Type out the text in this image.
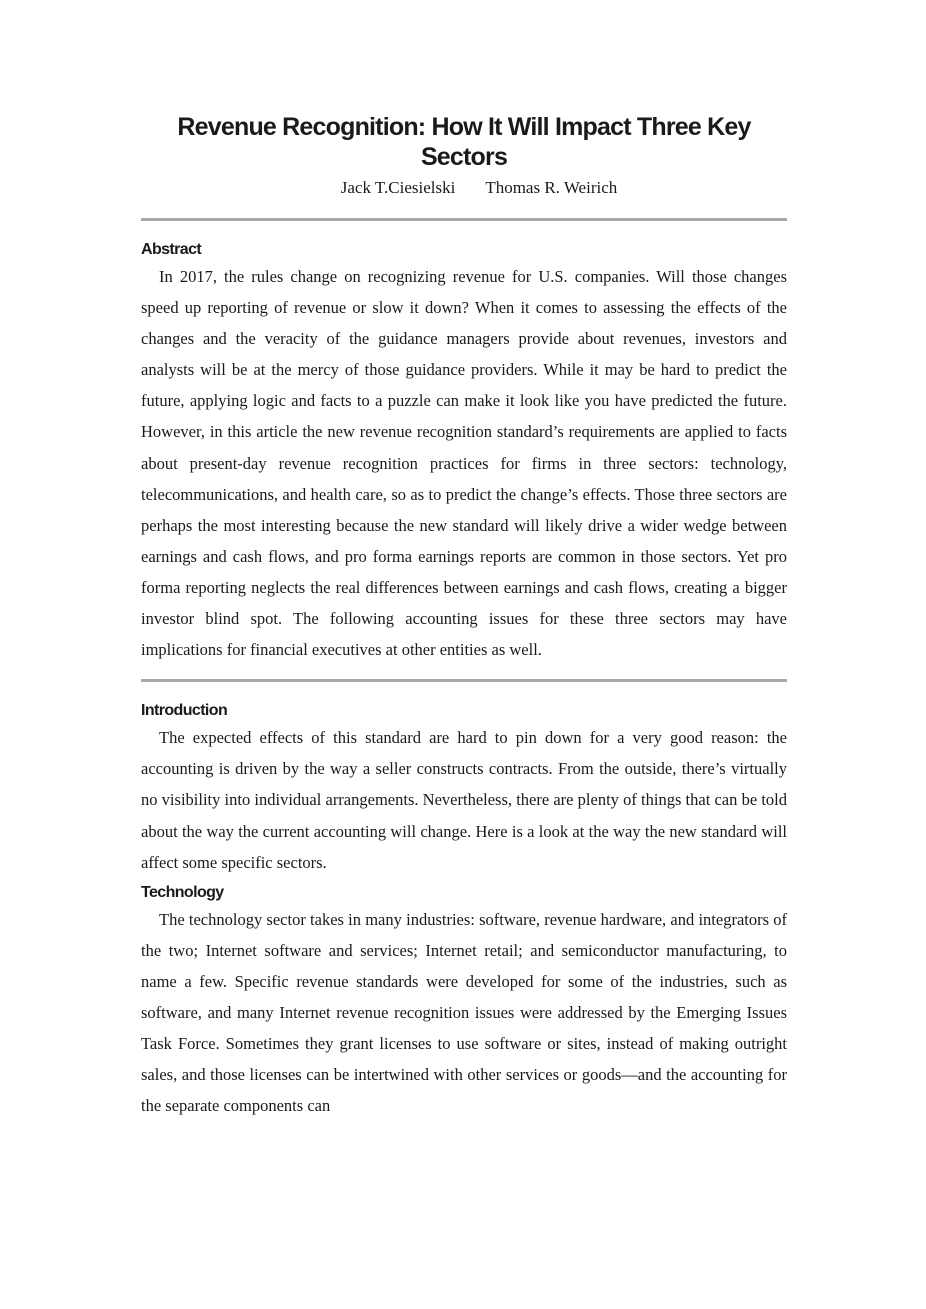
Revenue Recognition: How It Will Impact Three Key Sectors
Jack T.Ciesielski Thomas R. Weirich
Abstract

In 2017, the rules change on recognizing revenue for U.S. companies. Will those changes speed up reporting of revenue or slow it down? When it comes to assessing the effects of the changes and the veracity of the guidance managers provide about revenues, investors and analysts will be at the mercy of those guidance providers. While it may be hard to predict the future, applying logic and facts to a puzzle can make it look like you have predicted the future. However, in this article the new revenue recognition standard’s requirements are applied to facts about present-day revenue recognition practices for firms in three sectors: technology, telecommunications, and health care, so as to predict the change’s effects. Those three sectors are perhaps the most interesting because the new standard will likely drive a wider wedge between earnings and cash flows, and pro forma earnings reports are common in those sectors. Yet pro forma reporting neglects the real differences between earnings and cash flows, creating a bigger investor blind spot. The following accounting issues for these three sectors may have implications for financial executives at other entities as well.

Introduction

The expected effects of this standard are hard to pin down for a very good reason: the accounting is driven by the way a seller constructs contracts. From the outside, there’s virtually no visibility into individual arrangements. Nevertheless, there are plenty of things that can be told about the way the current accounting will change. Here is a look at the way the new standard will affect some specific sectors.

Technology

The technology sector takes in many industries: software, revenue hardware, and integrators of the two; Internet software and services; Internet retail; and semiconductor manufacturing, to name a few. Specific revenue standards were developed for some of the industries, such as software, and many Internet revenue recognition issues were addressed by the Emerging Issues Task Force. Sometimes they grant licenses to use software or sites, instead of making outright sales, and those licenses can be intertwined with other services or goods—and the accounting for the separate components can
